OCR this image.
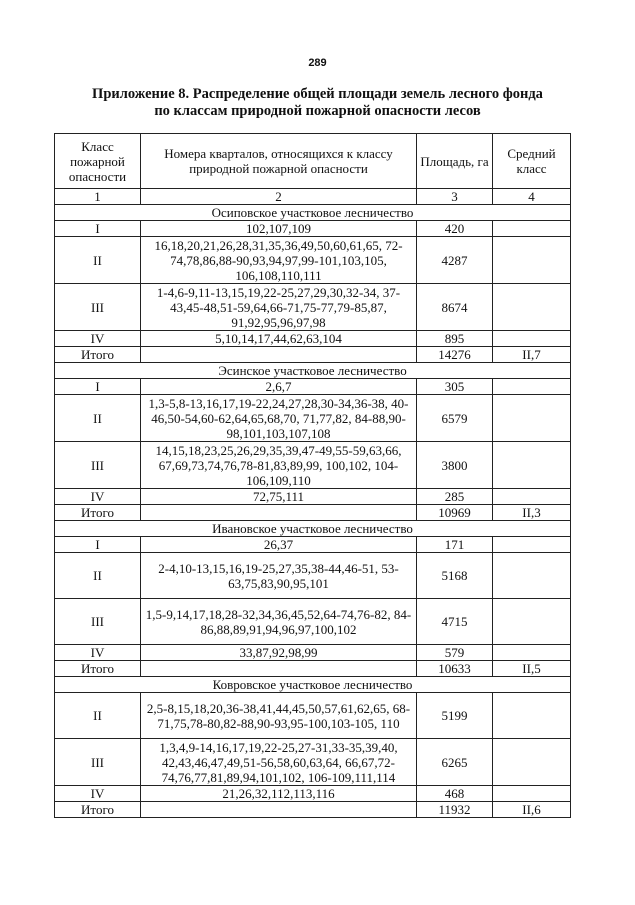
289
Приложение 8. Распределение общей площади земель лесного фонда
по классам природной пожарной опасности лесов
Класс пожарной опасности	Номера кварталов, относящихся к классу природной пожарной опасности	Площадь, га	Средний класс
1	2	3	4
Осиповское участковое лесничество			
I	102,107,109	420	
II	16,18,20,21,26,28,31,35,36,49,50,60,61,65, 72-74,78,86,88-90,93,94,97,99-101,103,105, 106,108,110,111	4287	
III	1-4,6-9,11-13,15,19,22-25,27,29,30,32-34, 37-43,45-48,51-59,64,66-71,75-77,79-85,87, 91,92,95,96,97,98	8674	
IV	5,10,14,17,44,62,63,104	895	
Итого		14276	II,7
Эсинское участковое лесничество			
I	2,6,7	305	
II	1,3-5,8-13,16,17,19-22,24,27,28,30-34,36-38, 40-46,50-54,60-62,64,65,68,70, 71,77,82, 84-88,90-98,101,103,107,108	6579	
III	14,15,18,23,25,26,29,35,39,47-49,55-59,63,66, 67,69,73,74,76,78-81,83,89,99, 100,102, 104-106,109,110	3800	
IV	72,75,111	285	
Итого		10969	II,3
Ивановское участковое лесничество			
I	26,37	171	
II	2-4,10-13,15,16,19-25,27,35,38-44,46-51, 53-63,75,83,90,95,101	5168	
III	1,5-9,14,17,18,28-32,34,36,45,52,64-74,76-82, 84-86,88,89,91,94,96,97,100,102	4715	
IV	33,87,92,98,99	579	
Итого		10633	II,5
Ковровское участковое лесничество			
II	2,5-8,15,18,20,36-38,41,44,45,50,57,61,62,65, 68-71,75,78-80,82-88,90-93,95-100,103-105, 110	5199	
III	1,3,4,9-14,16,17,19,22-25,27-31,33-35,39,40, 42,43,46,47,49,51-56,58,60,63,64, 66,67,72-74,76,77,81,89,94,101,102, 106-109,111,114	6265	
IV	21,26,32,112,113,116	468	
Итого		11932	II,6
